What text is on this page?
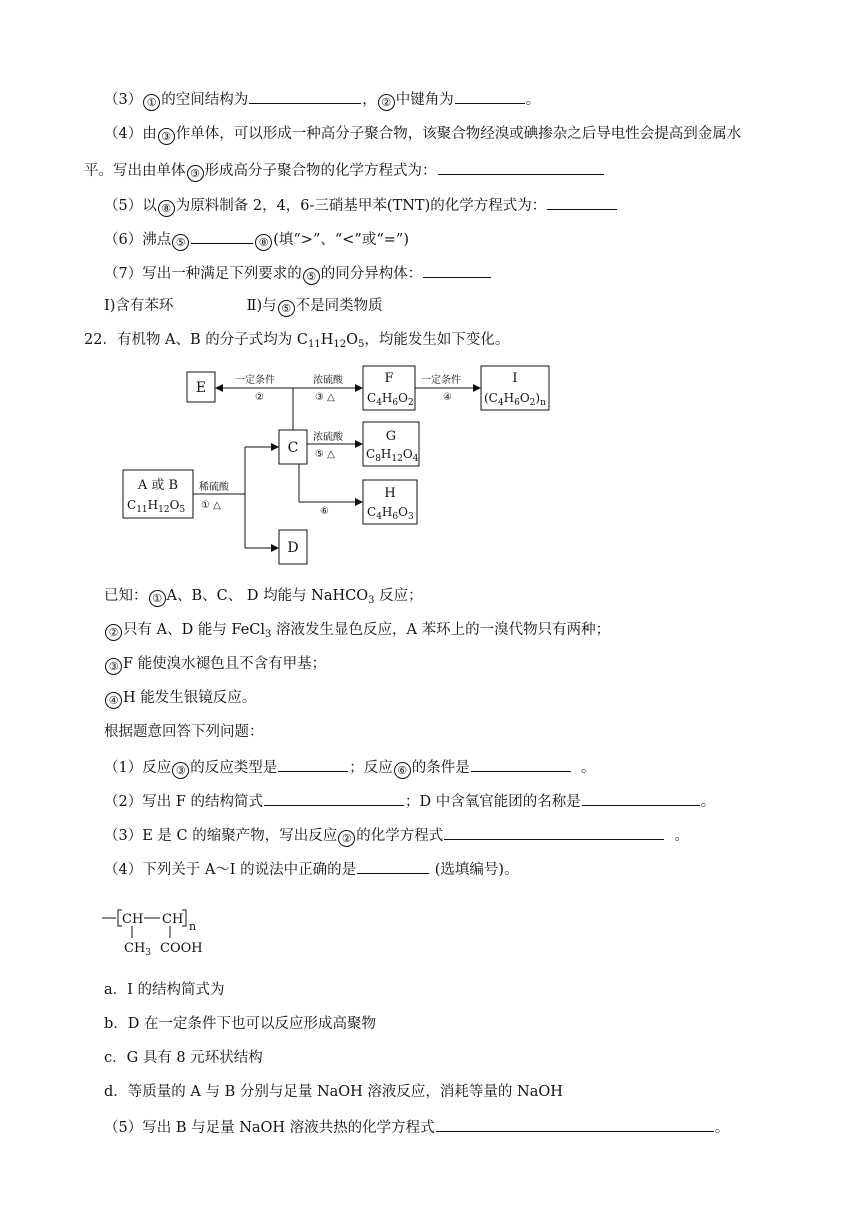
（3） ① 的空间结构为	， ② 中键角为	。
（4）由 ③ 作单体，可以形成一种高分子聚合物，该聚合物经溴或碘掺杂之后导电性会提高到金属水
平。写出由单体 ③ 形成高分子聚合物的化学方程式为：
（5）以 ⑧ 为原料制备 2，4，6-三硝基甲苯(TNT)的化学方程式为：
（6）沸点 ⑤	⑧ (填“>”、“<”或“=”)
（7）写出一种满足下列要求的 ⑤ 的同分异构体：
Ⅰ)含有苯环	Ⅱ)与 ⑤ 不是同类物质
22．有机物 A、B 的分子式均为 $C_{11}H_{12}O_5$，均能发生如下变化。
E
F
$C_4H_6O_2$
I
$(C_4H_6O_2)_n$
C
G
$C_8H_{12}O_4$
H
$C_4H_6O_3$
A 或 B
$C_{11}H_{12}O_5$
D
稀硫酸
① △
一定条件
②
浓硫酸
③ △
一定条件
④
浓硫酸
⑤ △
⑥
已知： ① A、B、C、 D 均能与 NaHCO$_3$ 反应；
② 只有 A、D 能与 FeCl$_3$ 溶液发生显色反应，A 苯环上的一溴代物只有两种；
③ F 能使溴水褪色且不含有甲基；
④ H 能发生银镜反应。
根据题意回答下列问题：
（1）反应 ③ 的反应类型是	；反应 ⑥ 的条件是	。
（2）写出 F 的结构简式	；D 中含氧官能团的名称是	。
（3）E 是 C 的缩聚产物，写出反应 ② 的化学方程式	。
（4）下列关于 A～I 的说法中正确的是	(选填编号)。
CH CH n
$CH_3$ COOH
a．I 的结构简式为
b．D 在一定条件下也可以反应形成高聚物
c．G 具有 8 元环状结构
d．等质量的 A 与 B 分别与足量 NaOH 溶液反应，消耗等量的 NaOH
（5）写出 B 与足量 NaOH 溶液共热的化学方程式	。
